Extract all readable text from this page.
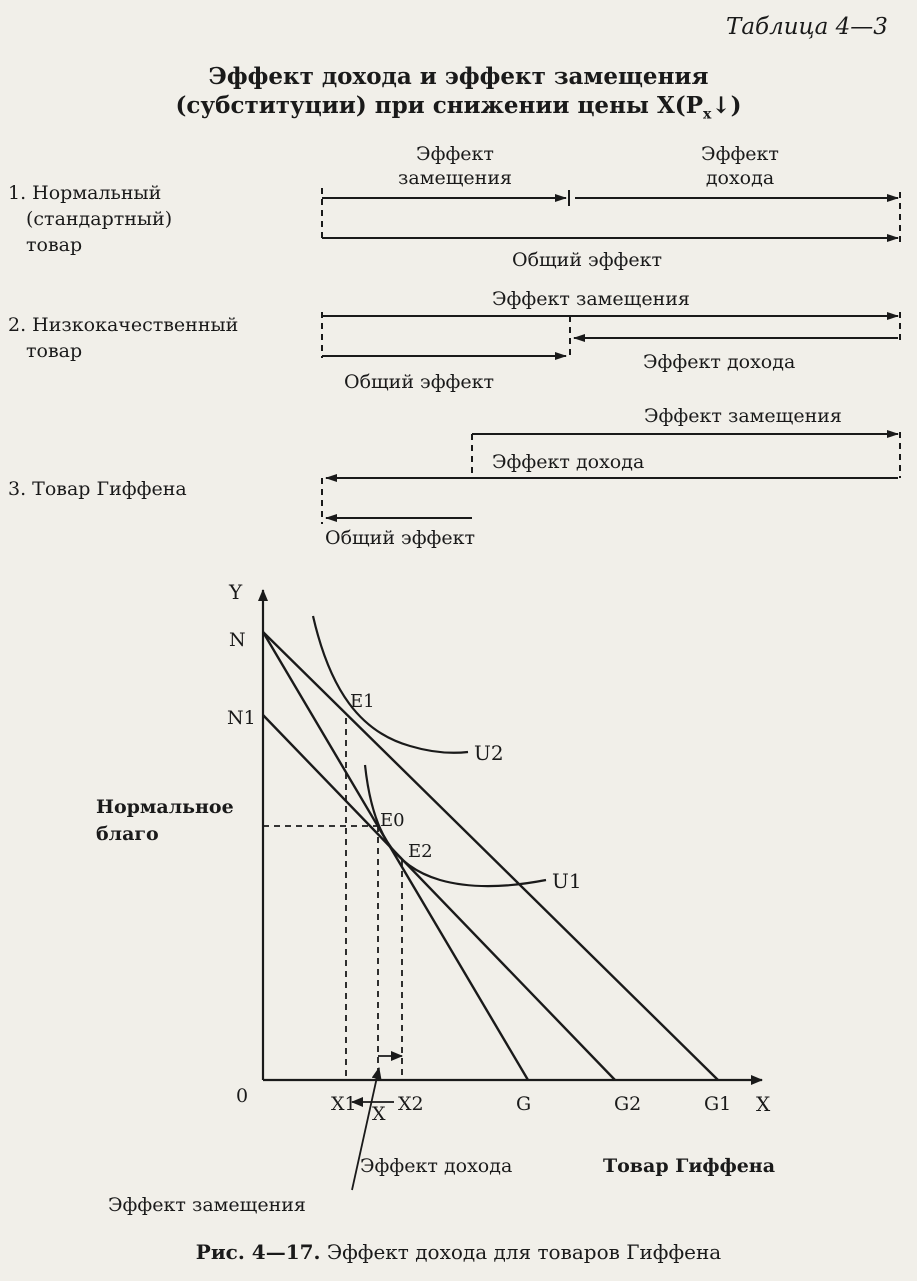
Таблица 4—3
Эффект дохода и эффект замещения
(субституции) при снижении цены $X(P_x↓)$
1. Нормальный
(стандартный)
товар
Эффект
замещения
Эффект
дохода
Общий эффект
2. Низкокачественный
товар
Эффект замещения
Эффект дохода
Общий эффект
3. Товар Гиффена
Эффект замещения
Эффект дохода
Общий эффект
Y
X
0
N
N1
X1 X X2	G	G2	G1
E1
E0
E2
U2
U1
Нормальное
благо
Эффект дохода	Товар Гиффена
Эффект замещения
Рис. 4—17. Эффект дохода для товаров Гиффена
